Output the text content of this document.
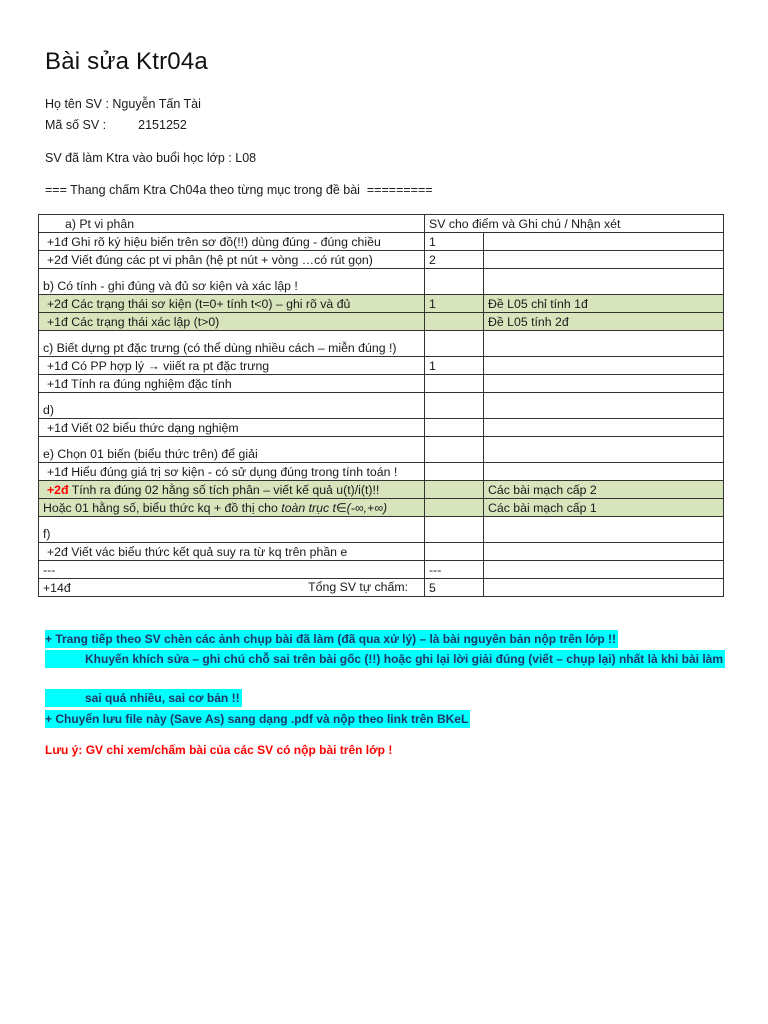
Bài sửa Ktr04a
Họ tên SV : Nguyễn Tấn Tài
Mã số SV :	2151252
SV đã làm Ktra vào buổi học lớp : L08
=== Thang chấm Ktra Ch04a theo từng mục trong đề bài  =========
a) Pt vi phân	SV cho điểm và Ghi chú / Nhận xét	
+1đ Ghi rõ ký hiệu biến trên sơ đồ(!!) dùng đúng - đúng chiều	1	
+2đ Viết đúng các pt vi phân (hệ pt nút + vòng …có rút gọn)	2	
b) Có tính - ghi đúng và đủ sơ kiện và xác lập !		
+2đ Các trạng thái sơ kiện (t=0+ tính t<0) – ghi rõ và đủ	1	Đề L05 chỉ tính 1đ
+1đ Các trạng thái xác lập (t>0)		Đề L05 tính 2đ
c) Biết dựng pt đặc trưng (có thể dùng nhiều cách – miễn đúng !)		
+1đ Có PP hợp lý → viiết ra pt đặc trưng	1	
+1đ Tính ra đúng nghiệm đặc tính		
d)		
+1đ Viết 02 biểu thức dạng nghiệm		
e) Chọn 01 biến (biểu thức trên) để giải		
+1đ Hiểu đúng giá trị sơ kiện - có sử dụng đúng trong tính toán !		
+2đ Tính ra đúng 02 hằng số tích phân – viết kế quả u(t)/i(t)!!		Các bài mạch cấp 2
Hoặc 01 hằng số, biểu thức kq + đồ thị cho toàn trục t∈(-∞,+∞)		Các bài mạch cấp 1
f)		
+2đ Viết vác biểu thức kết quả suy ra từ kq trên phần e		
---	---	
+14đ Tổng SV tự chấm:	5	
+ Trang tiếp theo SV chèn các ảnh chụp bài đã làm (đã qua xử lý) – là bài nguyên bản nộp trên lớp !!
Khuyến khích sửa – ghi chú chỗ sai trên bài gốc (!!) hoặc ghi lại lời giải đúng (viết – chụp lại) nhất là khi bài làm
sai quá nhiều, sai cơ bản !!
+ Chuyển lưu file này (Save As) sang dạng .pdf và nộp theo link trên BKeL
Lưu ý: GV chỉ xem/chấm bài của các SV có nộp bài trên lớp !
